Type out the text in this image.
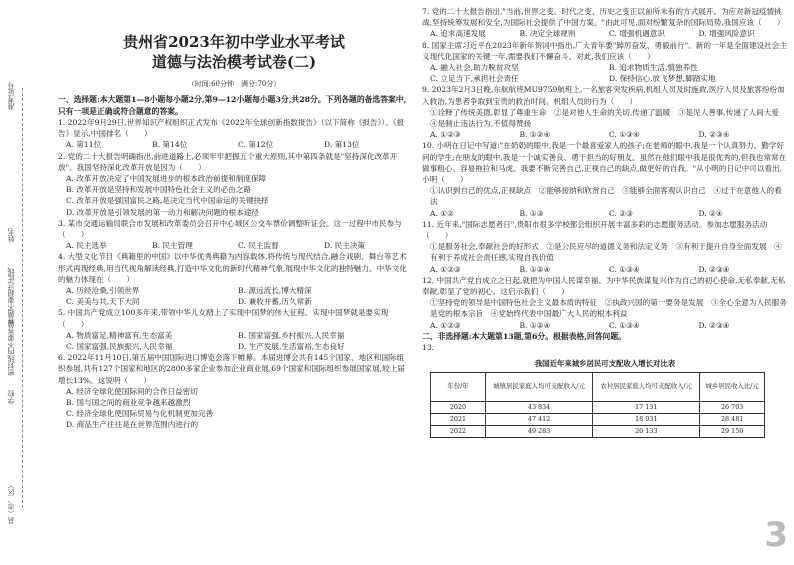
准考证号
姓名
答题不要超过此线
密封线内不要答题
学校
县（市、区）
贵州省2023年初中学业水平考试
道德与法治模考试卷(二)
（时间:60分钟　满分:70分）

一、选择题:本大题第1—8小题每小题2分,第9—12小题每小题3分,共28分。下列各题的备选答案中,只有一项是正确或符合题意的答案。

1. 2022年9月29日,世界知识产权组织正式发布《2022年全球创新指数报告》（以下简称《报告》）。《报告》显示,中国排名（　　）

A. 第11位	B. 第14位	C. 第12位	D. 第13位

2. 党的二十大报告明确指出,前进道路上,必须牢牢把握五个重大原则,其中第四条就是"坚持深化改革开放"。我国坚持深化改革开放是因为（　　）

A. 改革开放决定了中国发展进步的根本政治前提和制度保障

B. 改革开放是坚持和发展中国特色社会主义的必由之路

C. 改革开放是强国富民之路,是决定当代中国命运的关键抉择

D. 改革开放是引领发展的第一动力和解决问题的根本途径

3. 某市交通运输局联合市发展和改革委员会召开中心城区公交车票价调整听证会。这一过程中市民参与（　　）

A. 民主选举	B. 民主管理	C. 民主监督	D. 民主决策

4. 大型文化节目《典籍里的中国》以中华优秀典籍为内容载体,将传统与现代结合,融合戏剧、舞台等艺术形式再现经典,用当代视角解读经典,打造中华文化的新时代精神气象,展现中华文化的独特魅力。中华文化的魅力体现在（　　）

A. 历经沧桑,引领世界	B. 源远流长,博大精深
C. 美美与共,天下大同	D. 兼收并蓄,历久常新

5. 中国共产党成立100多年来,带领中华儿女踏上了实现中国梦的伟大征程。实现中国梦就是要实现（　　）

A. 物质富足,精神富有,生态富美	B. 国家富强,乡村振兴,人民幸福
C. 国家富强,民族振兴,人民幸福	D. 生产发展,生活富裕,生态良好

6. 2022年11月10日,第五届中国国际进口博览会落下帷幕。本届进博会共有145个国家、地区和国际组织参展,共有127个国家和地区的2800多家企业参加企业商业展,69个国家和国际组织参展国家展,较上届增长13%。这说明（　　）

A. 经济全球化使国际间的合作日益密切

B. 国与国之间的商业竞争越来越激烈

C. 经济全球化使国际贸易与化机制更加完善

D. 商品生产往往是在世界范围内进行的

7. 党的二十大报告指出,"当前,世界之变、时代之变、历史之变正以前所未有的方式展开。为应对新冠疫情挑战,坚持统筹发展和安全,为国际社会提供了中国方案。"由此可见,面对纷繁复杂的国际局势,我国应该（　　）

A. 追求高速发展	B. 决定全球规则	C. 增强机遇意识	D. 增强风险意识

8. 国家主席习近平在2023年新年贺词中指出,广大青年要"踔厉奋发、勇毅前行"。新的一年是全面建设社会主义现代化国家的关键一年,需要我们不懈奋斗。对此,我们应该（　　）

A. 融入社会,助力脱贫攻坚	B. 追求物质生活,慎独养性
C. 立足当下,承担社会责任	D. 保持信心,放飞梦想,脚踏实地

9. 2023年2月3日晚,东航航班MU9759航班上,一名旅客突发疾病,机组人员及时施救,医疗人员及旅客纷纷加入救治,为患者争取到宝贵的救治时间。机组人员的行为（　　）

①诠释了传统美德,彰显了尊重生命　②是对他人生命的关切,传递了温暖　③是见人善事,传递了人间大爱　④是制止违法行为,不值得赞扬

A. ①②③	B. ①②④	C. ①③④	D. ②③④

10. 小明在日记中写道:"在奶奶的眼中,我是一个最喜爱家人的孩子;在老师的眼中,我是一个认真努力、勤学好问的学生;在朋友的眼中,我是一个诚实善良、勇于担当的好朋友。虽然在他们眼中我是很优秀的,但我也常常在做事粗心、容易拖拉和马虎。我要不断完善自己,正视自己的缺点,做更好的自我。"从小明的日记中可以看出,小明（　　）

①认识到自己的优点,正视缺点　②能够接纳和欣赏自己　③能够全面客观认识自己　④过于在意他人的看法

A. ①②	B. ①③	C. ②③	D. ②④

11. 近年来,"国际志愿者日",贵阳市很多学校都会组织开展丰富多彩的志愿服务活动。参加志愿服务活动（　　）

①是服务社会,奉献社会的好形式　②是公民应尽的道德义务和法定义务　③有利于提升自身全面发展　④有利于养成社会责任感,实现自我价值

A. ①②③	B. ①②④	C. ①③④	D. ②③④

12. 中国共产党自成立之日起,就把为中国人民谋幸福、为中华民族谋复兴作为自己的初心使命,无私奉献,无私奉献,彰显了党的初心。这启示我们（　　）

①坚持党的领导是中国特色社会主义最本质的特征　②执政兴国的第一要务是发展　③全心全意为人民服务是党的根本宗旨　④党始终代表中国最广大人民的根本利益

A. ①②③	B. ①②④	C. ①③④	D. ②③④

二、非选择题:本大题第13题,第6分。根据表格,回答问题。

13.
我国近年来城乡居民可支配收入增长对比表
年份/年	城镇居民家庭人均可支配收入/元	农村居民家庭人均可支配收入/元	城乡居民收入比/元
2020	43 834	17 131	26 703
2021	47 412	18 931	28 481
2022	49 283	20 133	29 150
3
